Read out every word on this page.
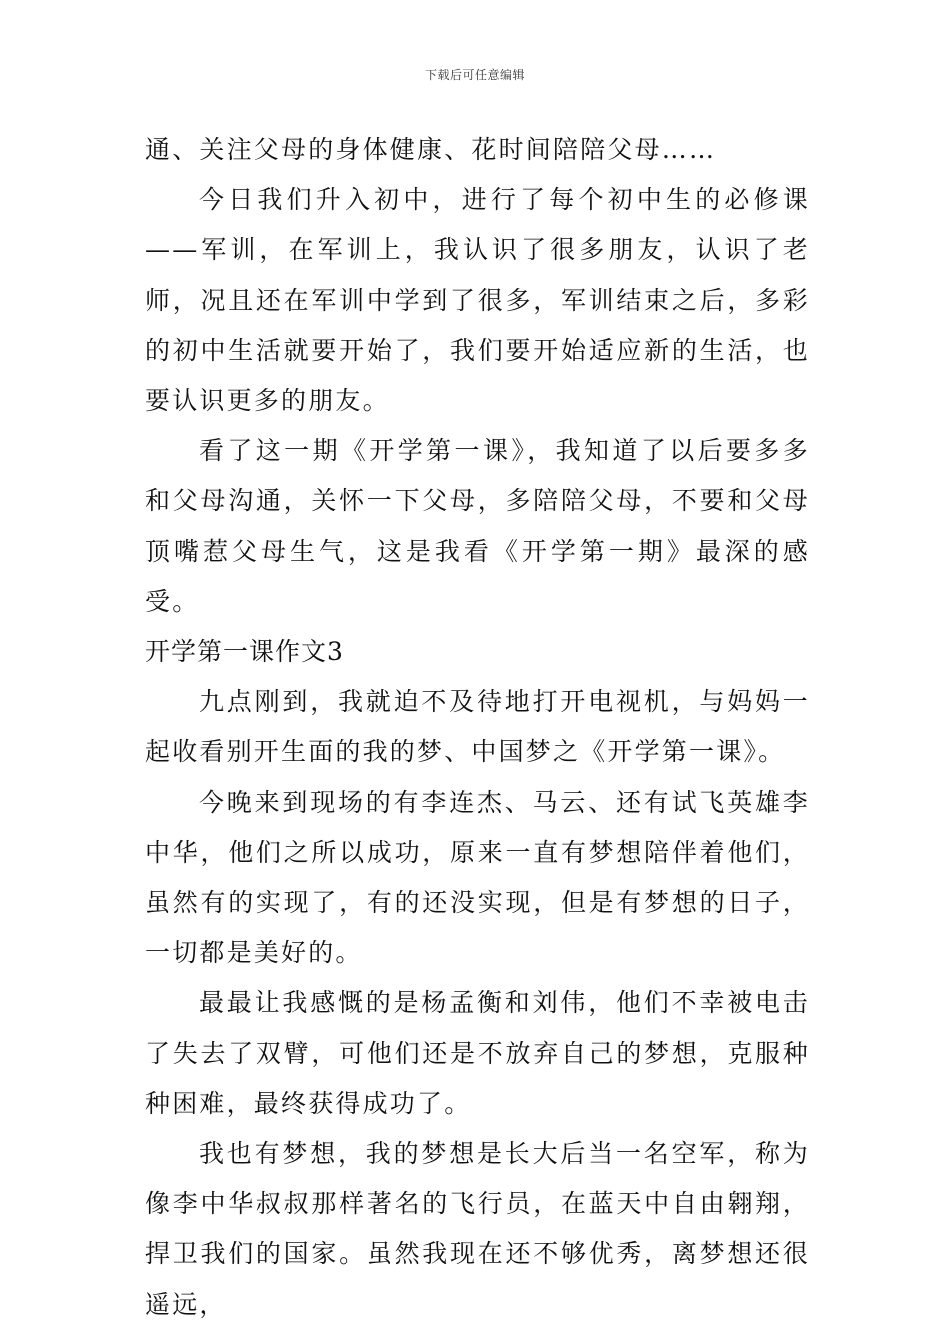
下载后可任意编辑

通、关注父母的身体健康、花时间陪陪父母……

今日我们升入初中，进行了每个初中生的必修课——军训，在军训上，我认识了很多朋友，认识了老师，况且还在军训中学到了很多，军训结束之后，多彩的初中生活就要开始了，我们要开始适应新的生活，也要认识更多的朋友。

看了这一期《开学第一课》，我知道了以后要多多和父母沟通，关怀一下父母，多陪陪父母，不要和父母顶嘴惹父母生气，这是我看《开学第一期》最深的感受。

开学第一课作文3

九点刚到，我就迫不及待地打开电视机，与妈妈一起收看别开生面的我的梦、中国梦之《开学第一课》。

今晚来到现场的有李连杰、马云、还有试飞英雄李中华，他们之所以成功，原来一直有梦想陪伴着他们，虽然有的实现了，有的还没实现，但是有梦想的日子，一切都是美好的。

最最让我感慨的是杨孟衡和刘伟，他们不幸被电击了失去了双臂，可他们还是不放弃自己的梦想，克服种种困难，最终获得成功了。

我也有梦想，我的梦想是长大后当一名空军，称为像李中华叔叔那样著名的飞行员，在蓝天中自由翱翔，捍卫我们的国家。虽然我现在还不够优秀，离梦想还很遥远，
